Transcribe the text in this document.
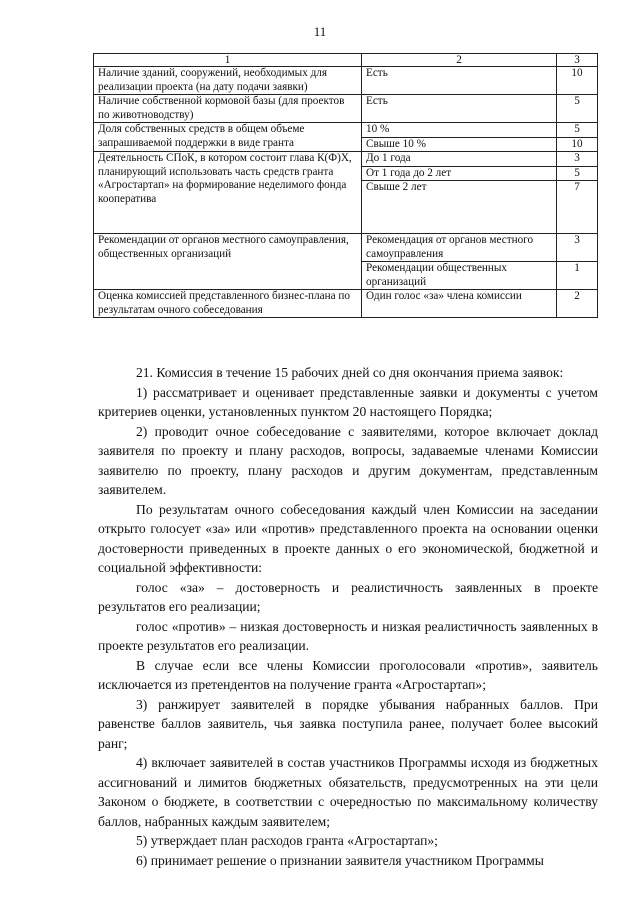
11
1	2	3
Наличие зданий, сооружений, необходимых для реализации проекта (на дату подачи заявки)	Есть	10
Наличие собственной кормовой базы (для проектов по животноводству)	Есть	5
Доля собственных средств в общем объеме запрашиваемой поддержки в виде гранта	10 %	5
	Свыше 10 %	10
Деятельность СПоК, в котором состоит глава К(Ф)Х, планирующий использовать часть средств гранта «Агростартап» на формирование неделимого фонда кооператива	До 1 года	3
	От 1 года до 2 лет	5
	Свыше 2 лет	7
Рекомендации от органов местного самоуправления, общественных организаций	Рекомендация от органов местного самоуправления	3
	Рекомендации общественных организаций	1
Оценка комиссией представленного бизнес-плана по результатам очного собеседования	Один голос «за» члена комиссии	2

21. Комиссия в течение 15 рабочих дней со дня окончания приема заявок:

1) рассматривает и оценивает представленные заявки и документы с учетом критериев оценки, установленных пунктом 20 настоящего Порядка;

2) проводит очное собеседование с заявителями, которое включает доклад заявителя по проекту и плану расходов, вопросы, задаваемые членами Комиссии заявителю по проекту, плану расходов и другим документам, представленным заявителем.

По результатам очного собеседования каждый член Комиссии на заседании открыто голосует «за» или «против» представленного проекта на основании оценки достоверности приведенных в проекте данных о его экономической, бюджетной и социальной эффективности:

голос «за» – достоверность и реалистичность заявленных в проекте результатов его реализации;

голос «против» – низкая достоверность и низкая реалистичность заявленных в проекте результатов его реализации.

В случае если все члены Комиссии проголосовали «против», заявитель исключается из претендентов на получение гранта «Агростартап»;

3) ранжирует заявителей в порядке убывания набранных баллов. При равенстве баллов заявитель, чья заявка поступила ранее, получает более высокий ранг;

4) включает заявителей в состав участников Программы исходя из бюджетных ассигнований и лимитов бюджетных обязательств, предусмотренных на эти цели Законом о бюджете, в соответствии с очередностью по максимальному количеству баллов, набранных каждым заявителем;

5) утверждает план расходов гранта «Агростартап»;

6) принимает решение о признании заявителя участником Программы
